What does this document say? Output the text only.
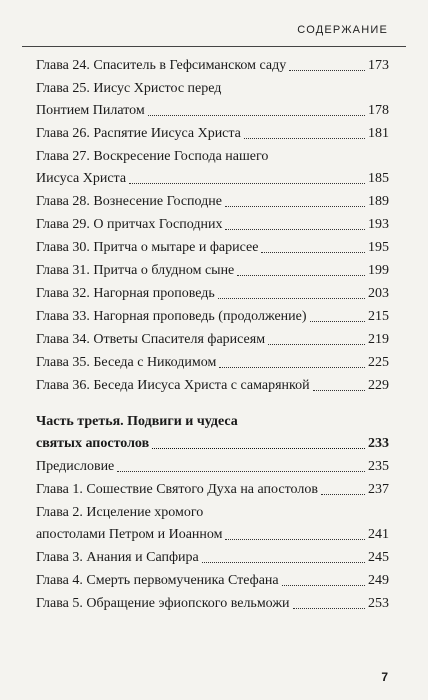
СОДЕРЖАНИЕ
Глава 24. Спаситель в Гефсиманском саду	173
Глава 25. Иисус Христос перед
Понтием Пилатом	178
Глава 26. Распятие Иисуса Христа	181
Глава 27. Воскресение Господа нашего
Иисуса Христа	185
Глава 28. Вознесение Господне	189
Глава 29. О притчах Господних	193
Глава 30. Притча о мытаре и фарисее	195
Глава 31. Притча о блудном сыне	199
Глава 32. Нагорная проповедь	203
Глава 33. Нагорная проповедь (продолжение)	215
Глава 34. Ответы Спасителя фарисеям	219
Глава 35. Беседа с Никодимом	225
Глава 36. Беседа Иисуса Христа с самарянкой	229
Часть третья. Подвиги и чудеса
святых апостолов	233
Предисловие	235
Глава 1. Сошествие Святого Духа на апостолов	237
Глава 2. Исцеление хромого
апостолами Петром и Иоанном	241
Глава 3. Анания и Сапфира	245
Глава 4. Смерть первомученика Стефана	249
Глава 5. Обращение эфиопского вельможи	253
7
